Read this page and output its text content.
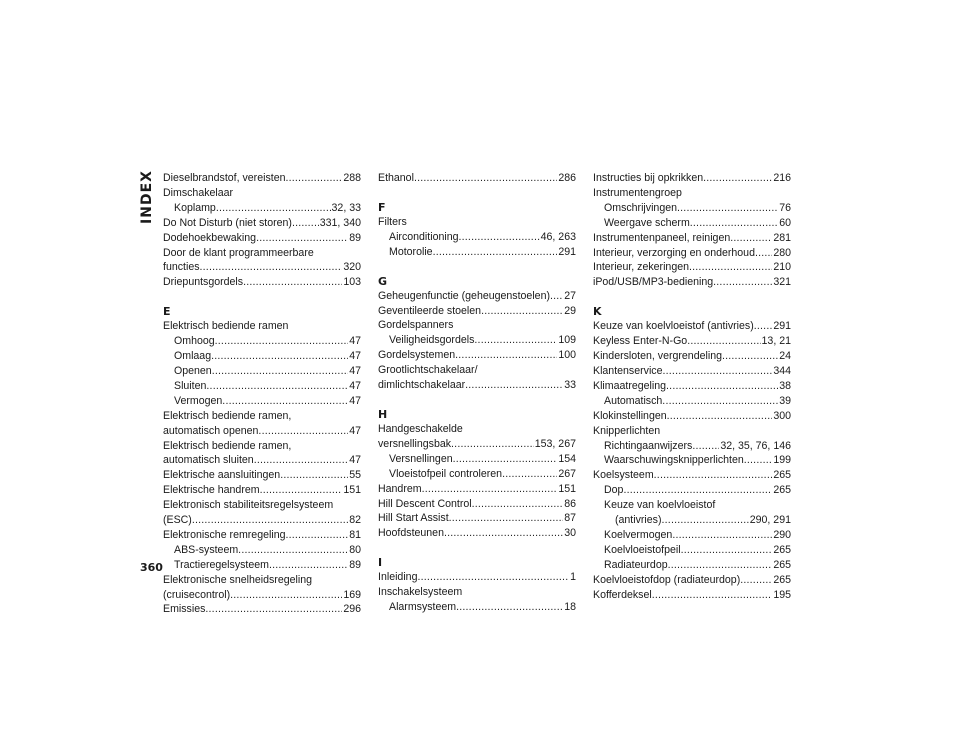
INDEX Dieselbrandstof, vereisten .....	288
Dimschakelaar
Koplamp .....	32, 33
Do Not Disturb (niet storen) .....	331, 340
Dodehoekbewaking .....	89
Door de klant programmeerbare
functies .....	320
Driepuntsgordels .....	103
E
Elektrisch bediende ramen
Omhoog .....	47
Omlaag .....	47
Openen .....	47
Sluiten .....	47
Vermogen .....	47
Elektrisch bediende ramen,
automatisch openen .....	47
Elektrisch bediende ramen,
automatisch sluiten .....	47
Elektrische aansluitingen .....	55
Elektrische handrem .....	151
Elektronisch stabiliteitsregelsysteem
(ESC) .....	82
Elektronische remregeling .....	81
ABS-systeem .....	80
Tractieregelsysteem .....	89
Elektronische snelheidsregeling
(cruisecontrol) .....	169
Emissies .....	296
Ethanol .....	286
F
Filters
Airconditioning .....	46, 263
Motorolie .....	291
G
Geheugenfunctie (geheugenstoelen) ..... 27
Geventileerde stoelen .....	29
Gordelspanners
Veiligheidsgordels .....	109
Gordelsystemen .....	100
Grootlichtschakelaar/
dimlichtschakelaar .....	33
H
Handgeschakelde
versnellingsbak .....	153, 267
Versnellingen .....	154
Vloeistofpeil controleren .....	267
Handrem .....	151
Hill Descent Control .....	86
Hill Start Assist .....	87
Hoofdsteunen .....	30
I
Inleiding .....	1
Inschakelsysteem
Alarmsysteem .....	18
Instructies bij opkrikken .....	216
Instrumentengroep
Omschrijvingen .....	76
Weergave scherm .....	60
Instrumentenpaneel, reinigen .....	281
Interieur, verzorging en onderhoud ..... 280
Interieur, zekeringen .....	210
iPod/USB/MP3-bediening .....	321
K
Keuze van koelvloeistof (antivries) ..... 291
Keyless Enter-N-Go .....	13, 21
Kindersloten, vergrendeling .....	24
Klantenservice .....	344
Klimaatregeling .....	38
Automatisch .....	39
Klokinstellingen .....	300
Knipperlichten
Richtingaanwijzers .....	32, 35, 76, 146
Waarschuwingsknipperlichten .....	199
Koelsysteem .....	265
Dop .....	265
Keuze van koelvloeistof
(antivries) .....	290, 291
Koelvermogen .....	290
Koelvloeistofpeil .....	265
Radiateurdop .....	265
Koelvloeistofdop (radiateurdop) .....	265
Kofferdeksel .....	195
360
